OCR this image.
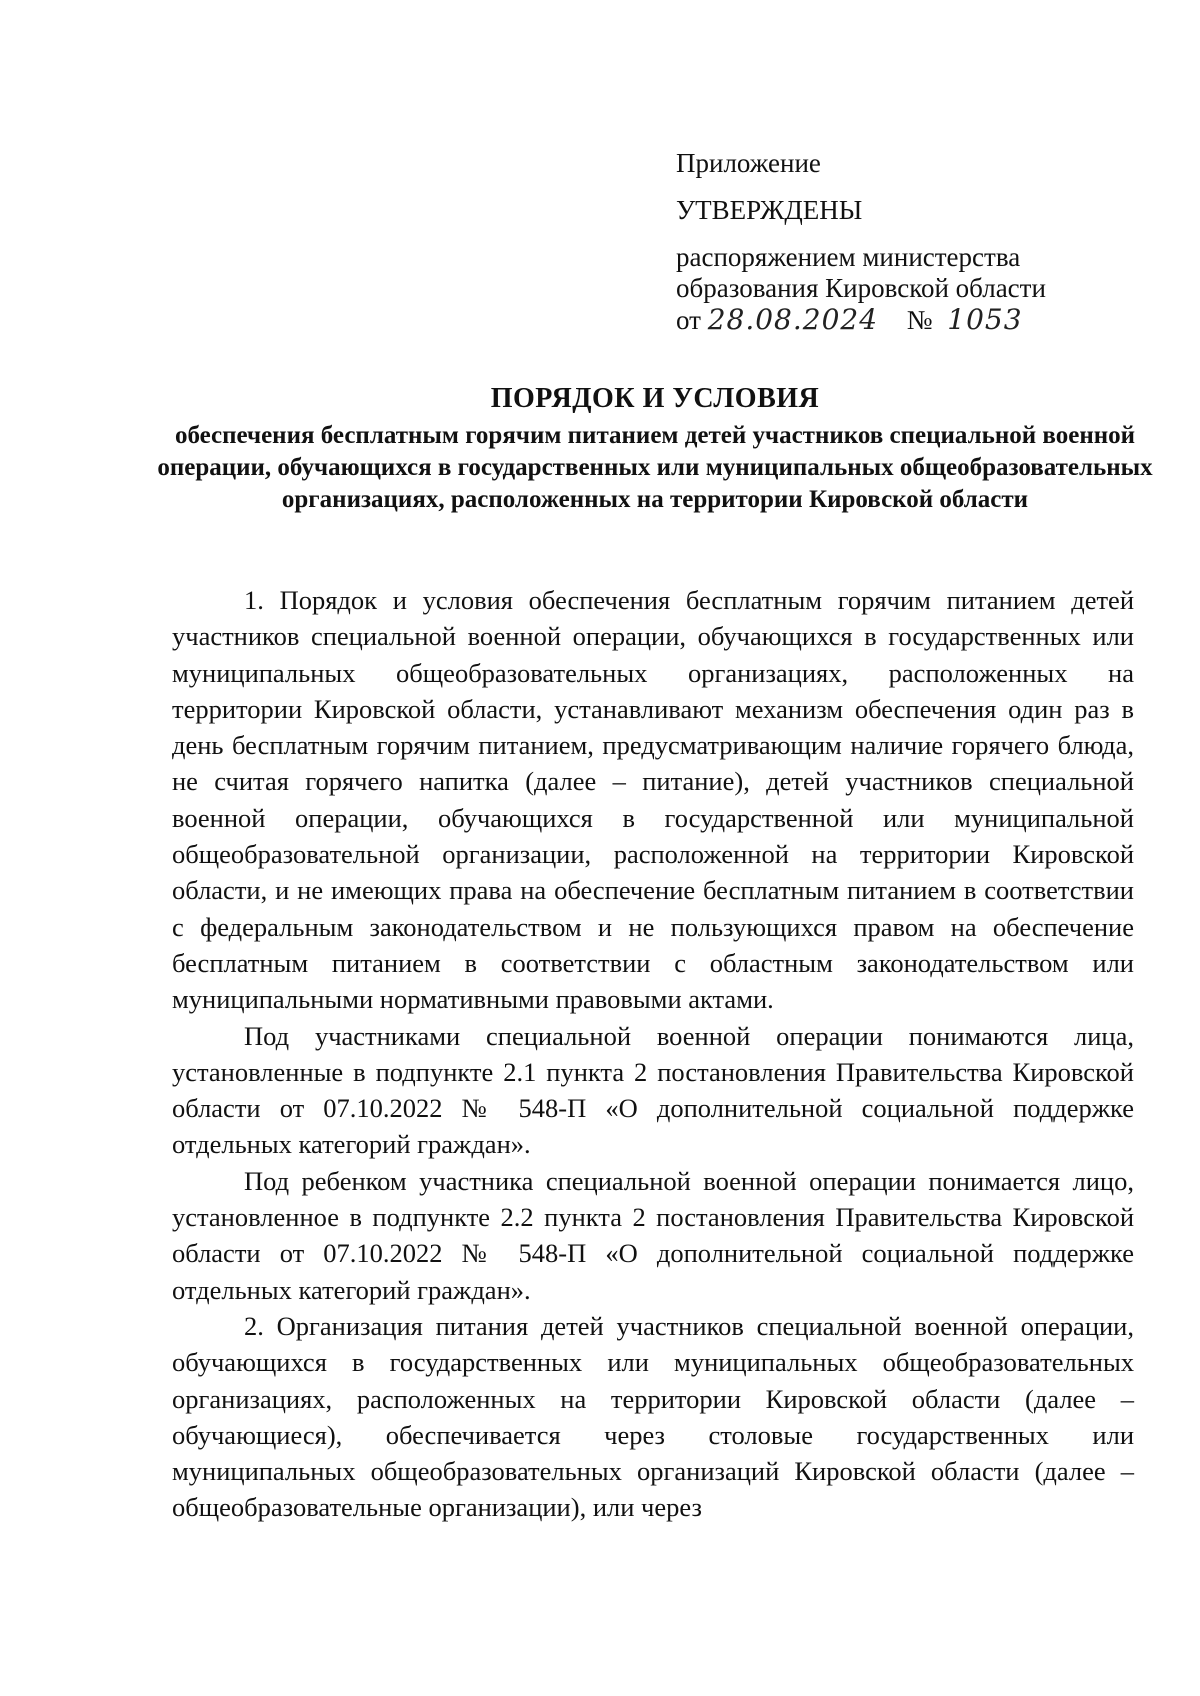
Приложение
УТВЕРЖДЕНЫ
распоряжением министерства
образования Кировской области
от 28.08.2024 № 1053
ПОРЯДОК И УСЛОВИЯ
обеспечения бесплатным горячим питанием детей участников специальной военной операции, обучающихся в государственных или муниципальных общеобразовательных организациях, расположенных на территории Кировской области

1. Порядок и условия обеспечения бесплатным горячим питанием детей участников специальной военной операции, обучающихся в государственных или муниципальных общеобразовательных организациях, расположенных на территории Кировской области, устанавливают механизм обеспечения один раз в день бесплатным горячим питанием, предусматривающим наличие горячего блюда, не считая горячего напитка (далее – питание), детей участников специальной военной операции, обучающихся в государственной или муниципальной общеобразовательной организации, расположенной на территории Кировской области, и не имеющих права на обеспечение бесплатным питанием в соответствии с федеральным законодательством и не пользующихся правом на обеспечение бесплатным питанием в соответствии с областным законодательством или муниципальными нормативными правовыми актами.

Под участниками специальной военной операции понимаются лица, установленные в подпункте 2.1 пункта 2 постановления Правительства Кировской области от 07.10.2022 № 548-П «О дополнительной социальной поддержке отдельных категорий граждан».

Под ребенком участника специальной военной операции понимается лицо, установленное в подпункте 2.2 пункта 2 постановления Правительства Кировской области от 07.10.2022 № 548-П «О дополнительной социальной поддержке отдельных категорий граждан».

2. Организация питания детей участников специальной военной операции, обучающихся в государственных или муниципальных общеобразовательных организациях, расположенных на территории Кировской области (далее – обучающиеся), обеспечивается через столовые государственных или муниципальных общеобразовательных организаций Кировской области (далее – общеобразовательные организации), или через
